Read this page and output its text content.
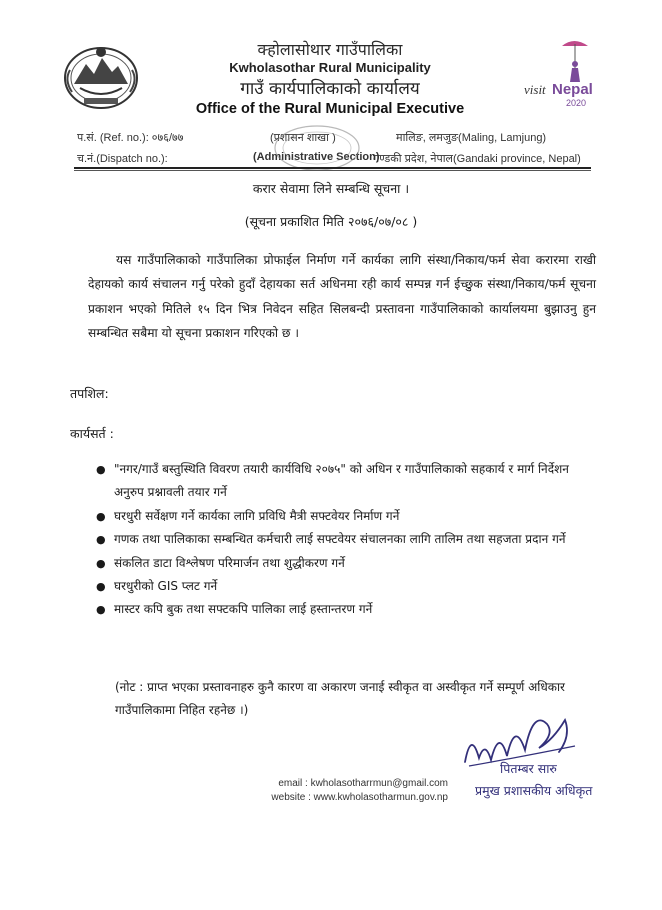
क्होलासोथार गाउँपालिका
Kwholasothar Rural Municipality
गाउँ कार्यपालिकाको कार्यालय
Office of the Rural Municipal Executive
visit Nepal
2020
प.सं. (Ref. no.): ०७६/७७
च.नं.(Dispatch no.):
(प्रशासन शाखा )
(Administrative Section)
मालिङ, लमजुङ(Maling, Lamjung)
गण्डकी प्रदेश, नेपाल(Gandaki province, Nepal)
करार सेवामा लिने सम्बन्धि सूचना ।
(सूचना प्रकाशित मिति २०७६/०७/०८ )
यस गाउँपालिकाको गाउँपालिका प्रोफाईल निर्माण गर्ने कार्यका लागि संस्था/निकाय/फर्म सेवा करारमा राखी देहायको कार्य संचालन गर्नु परेको हुदाँ देहायका सर्त अधिनमा रही कार्य सम्पन्न गर्न ईच्छुक संस्था/निकाय/फर्म सूचना प्रकाशन भएको मितिले १५ दिन भित्र निवेदन सहित सिलबन्दी प्रस्तावना गाउँपालिकाको कार्यालयमा बुझाउनु हुन सम्बन्धित सबैमा यो सूचना प्रकाशन गरिएको छ ।
तपशिल:
कार्यसर्त :
● "नगर/गाउँ बस्तुस्थिति विवरण तयारी कार्यविधि २०७५" को अधिन र गाउँपालिकाको सहकार्य र मार्ग निर्देशन अनुरुप प्रश्नावली तयार गर्ने
● घरधुरी सर्वेक्षण गर्ने कार्यका लागि प्रविधि मैत्री सफ्टवेयर निर्माण गर्ने
● गणक तथा पालिकाका सम्बन्धित कर्मचारी लाई सफ्टवेयर संचालनका लागि तालिम तथा सहजता प्रदान गर्ने
● संकलित डाटा विश्लेषण परिमार्जन तथा शुद्धीकरण गर्ने
● घरधुरीको GIS प्लट गर्ने
● मास्टर कपि बुक तथा सफ्टकपि पालिका लाई हस्तान्तरण गर्ने
(नोट : प्राप्त भएका प्रस्तावनाहरु कुनै कारण वा अकारण जनाई स्वीकृत वा अस्वीकृत गर्ने सम्पूर्ण अधिकार गाउँपालिकामा निहित रहनेछ ।)
पितम्बर सारु
प्रमुख प्रशासकीय अधिकृत
email : kwholasotharrmun@gmail.com
website : www.kwholasotharmun.gov.np
